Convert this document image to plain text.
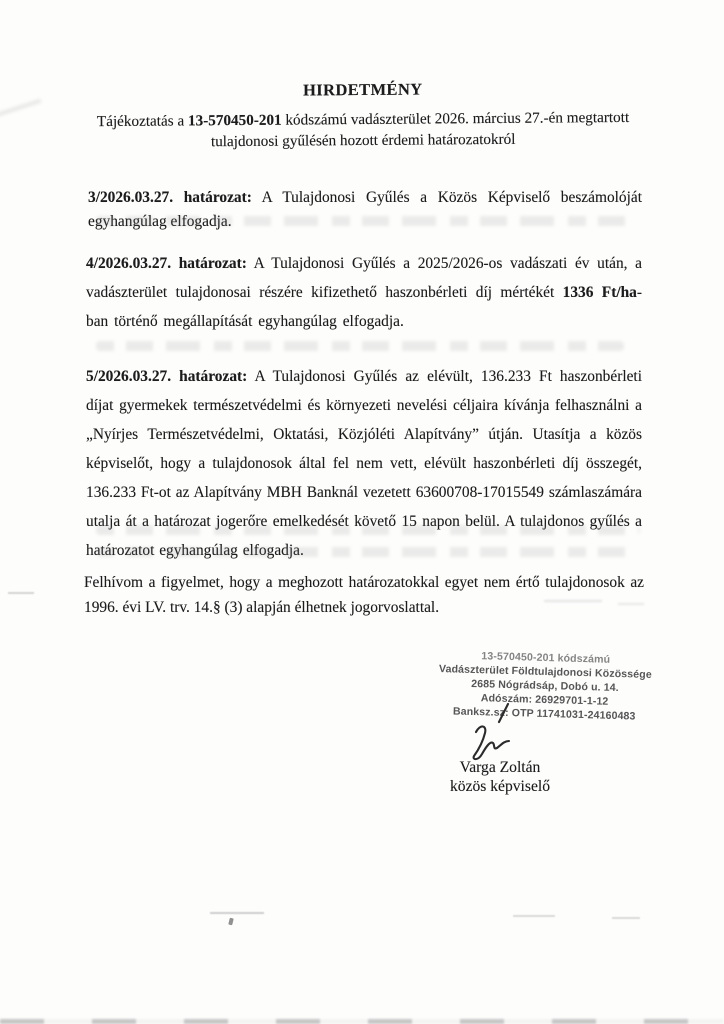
HIRDETMÉNY

Tájékoztatás a 13-570450-201 kódszámú vadászterület 2026. március 27.-én megtartott tulajdonosi gyűlésén hozott érdemi határozatokról

3/2026.03.27. határozat: A Tulajdonosi Gyűlés a Közös Képviselő beszámolóját egyhangúlag elfogadja.

4/2026.03.27. határozat: A Tulajdonosi Gyűlés a 2025/2026-os vadászati év után, a vadászterület tulajdonosai részére kifizethető haszonbérleti díj mértékét 1336 Ft/ha-ban történő megállapítását egyhangúlag elfogadja.

5/2026.03.27. határozat: A Tulajdonosi Gyűlés az elévült, 136.233 Ft haszonbérleti díjat gyermekek természetvédelmi és környezeti nevelési céljaira kívánja felhasználni a „Nyírjes Természetvédelmi, Oktatási, Közjóléti Alapítvány” útján. Utasítja a közös képviselőt, hogy a tulajdonosok által fel nem vett, elévült haszonbérleti díj összegét, 136.233 Ft-ot az Alapítvány MBH Banknál vezetett 63600708-17015549 számlaszámára utalja át a határozat jogerőre emelkedését követő 15 napon belül. A tulajdonos gyűlés a határozatot egyhangúlag elfogadja.

Felhívom a figyelmet, hogy a meghozott határozatokkal egyet nem értő tulajdonosok az 1996. évi LV. trv. 14.§ (3) alapján élhetnek jogorvoslattal.

13-570450-201 kódszámú
Vadászterület Földtulajdonosi Közössége
2685 Nógrádsáp, Dobó u. 14.
Adószám: 26929701-1-12
Banksz.sz: OTP 11741031-24160483
Varga Zoltán
közös képviselő
